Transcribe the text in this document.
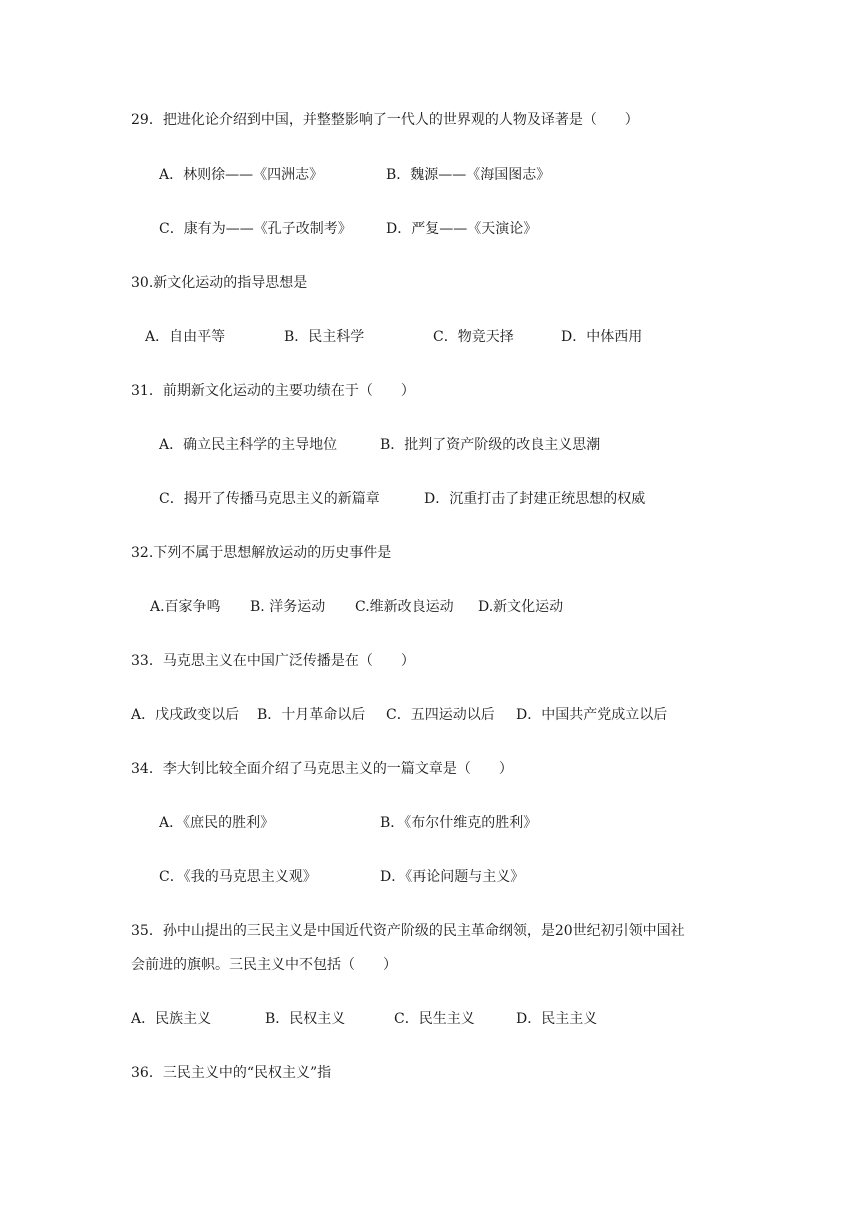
29．把进化论介绍到中国，并整整影响了一代人的世界观的人物及译著是（　　）
A．林则徐——《四洲志》	B．魏源——《海国图志》
C．康有为——《孔子改制考》 D．严复——《天演论》
30.新文化运动的指导思想是
A．自由平等	B．民主科学	C．物竞天择	D．中体西用
31．前期新文化运动的主要功绩在于（　　）
A．确立民主科学的主导地位	B．批判了资产阶级的改良主义思潮
C．揭开了传播马克思主义的新篇章	D．沉重打击了封建正统思想的权威
32.下列不属于思想解放运动的历史事件是
A.百家争鸣 B. 洋务运动 C.维新改良运动 D.新文化运动
33．马克思主义在中国广泛传播是在（　　）
A．戊戌政变以后 B．十月革命以后 C．五四运动以后 D．中国共产党成立以后
34．李大钊比较全面介绍了马克思主义的一篇文章是（　　）
A．《庶民的胜利》	B．《布尔什维克的胜利》
C．《我的马克思主义观》	D．《再论问题与主义》
35．孙中山提出的三民主义是中国近代资产阶级的民主革命纲领，是20世纪初引领中国社
会前进的旗帜。三民主义中不包括（　　）
A．民族主义	B．民权主义	C．民生主义	D．民主主义
36．三民主义中的“民权主义”指
